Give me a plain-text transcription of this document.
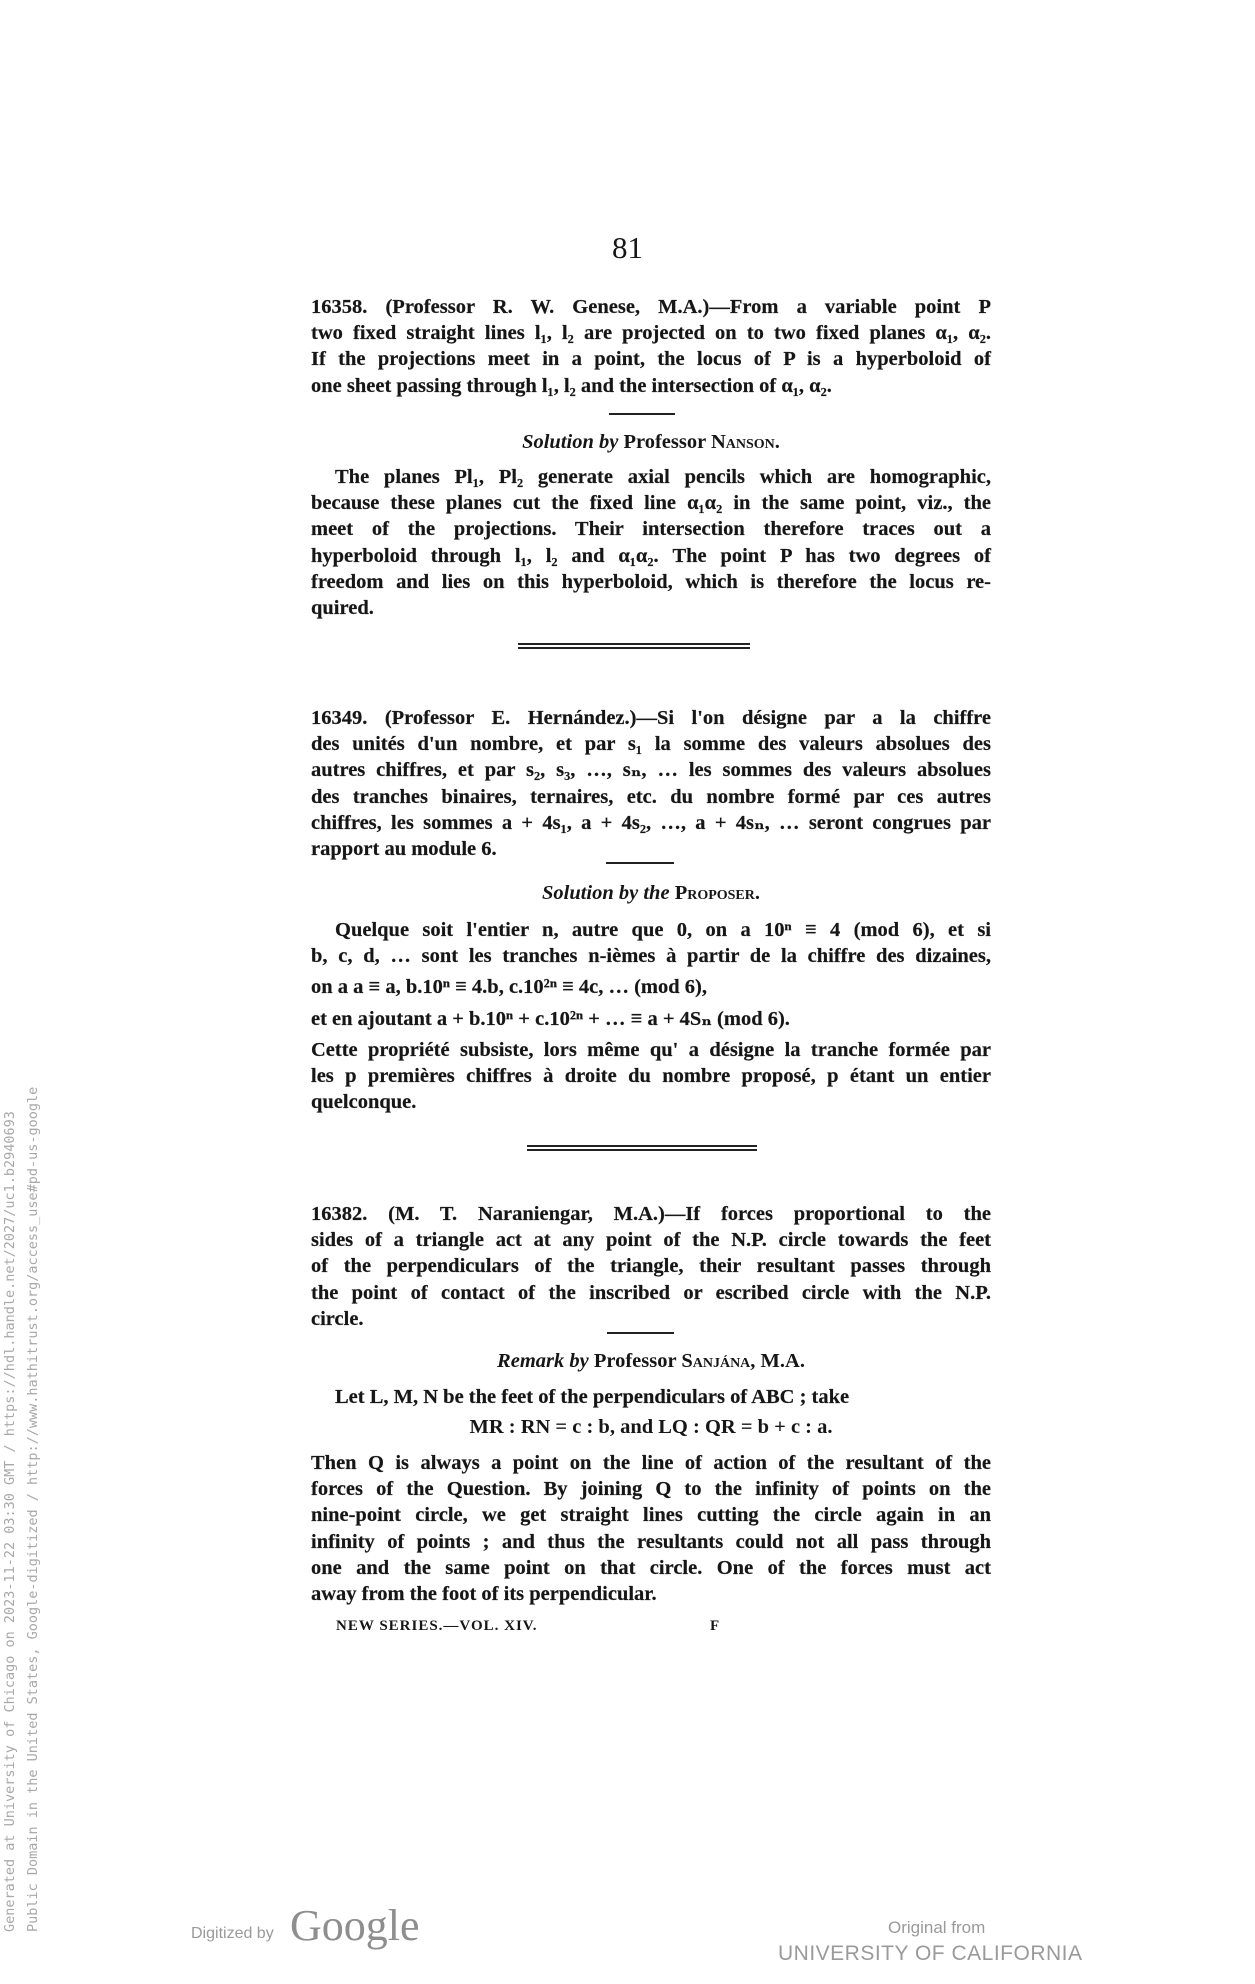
81
16358. (Professor R. W. Genese, M.A.)—From a variable point P
two fixed straight lines l₁, l₂ are projected on to two fixed planes α₁, α₂.
If the projections meet in a point, the locus of P is a hyperboloid of
one sheet passing through l₁, l₂ and the intersection of α₁, α₂.
Solution by Professor Nanson.
The planes Pl₁, Pl₂ generate axial pencils which are homographic,
because these planes cut the fixed line α₁α₂ in the same point, viz., the
meet of the projections. Their intersection therefore traces out a
hyperboloid through l₁, l₂ and α₁α₂. The point P has two degrees of
freedom and lies on this hyperboloid, which is therefore the locus re-
quired.
16349. (Professor E. Hernández.)—Si l'on désigne par a la chiffre
des unités d'un nombre, et par s₁ la somme des valeurs absolues des
autres chiffres, et par s₂, s₃, …, sₙ, … les sommes des valeurs absolues
des tranches binaires, ternaires, etc. du nombre formé par ces autres
chiffres, les sommes a + 4s₁, a + 4s₂, …, a + 4sₙ, … seront congrues par
rapport au module 6.
Solution by the Proposer.
Quelque soit l'entier n, autre que 0, on a 10ⁿ ≡ 4 (mod 6), et si
b, c, d, … sont les tranches n-ièmes à partir de la chiffre des dizaines,
on a a ≡ a, b.10ⁿ ≡ 4.b, c.10²ⁿ ≡ 4c, … (mod 6),
et en ajoutant a + b.10ⁿ + c.10²ⁿ + … ≡ a + 4Sₙ (mod 6).
Cette propriété subsiste, lors même qu' a désigne la tranche formée par
les p premières chiffres à droite du nombre proposé, p étant un entier
quelconque.
16382. (M. T. Naraniengar, M.A.)—If forces proportional to the
sides of a triangle act at any point of the N.P. circle towards the feet
of the perpendiculars of the triangle, their resultant passes through
the point of contact of the inscribed or escribed circle with the N.P.
circle.
Remark by Professor Sanjána, M.A.
Let L, M, N be the feet of the perpendiculars of ABC ; take
MR : RN = c : b, and LQ : QR = b + c : a.
Then Q is always a point on the line of action of the resultant of the
forces of the Question. By joining Q to the infinity of points on the
nine-point circle, we get straight lines cutting the circle again in an
infinity of points ; and thus the resultants could not all pass through
one and the same point on that circle. One of the forces must act
away from the foot of its perpendicular.
NEW SERIES.—VOL. XIV.	F
Generated at University of Chicago on 2023-11-22 03:30 GMT / https://hdl.handle.net/2027/uc1.b2940693 Public Domain in the United States, Google-digitized / http://www.hathitrust.org/access_use#pd-us-google
Digitized by Google	Original from
UNIVERSITY OF CALIFORNIA
